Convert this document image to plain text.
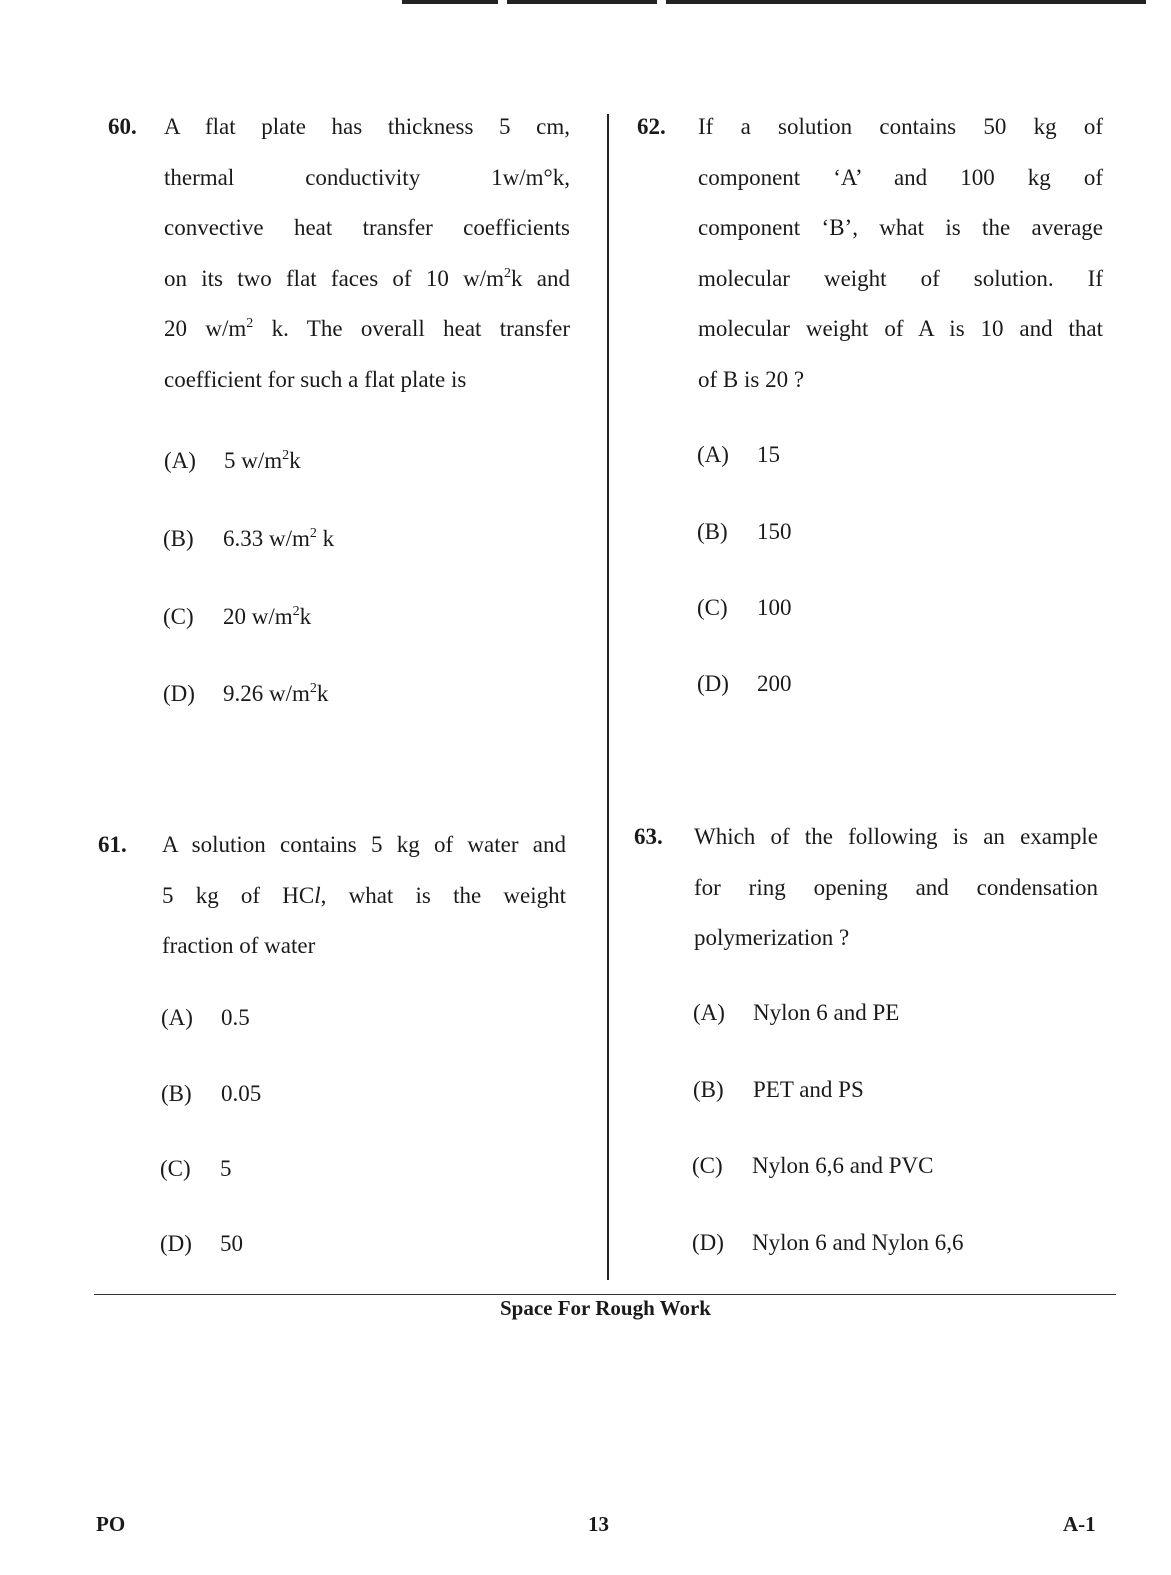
60. A flat plate has thickness 5 cm,
thermal conductivity 1w/m°k,
convective heat transfer coefficients
on its two flat faces of 10 $w/m^2k$ and
20 $w/m^2$ k. The overall heat transfer
coefficient for such a flat plate is
(A) 5 $w/m^2k$
(B) 6.33 $w/m^2$ k
(C) 20 $w/m^2k$
(D) 9.26 $w/m^2k$
61. A solution contains 5 kg of water and
5 kg of HCl, what is the weight
fraction of water
(A) 0.5
(B) 0.05
(C) 5
(D) 50
62. If a solution contains 50 kg of
component ‘A’ and 100 kg of
component ‘B’, what is the average
molecular weight of solution. If
molecular weight of A is 10 and that
of B is 20 ?
(A) 15
(B) 150
(C) 100
(D) 200
63. Which of the following is an example
for ring opening and condensation
polymerization ?
(A) Nylon 6 and PE
(B) PET and PS
(C) Nylon 6,6 and PVC
(D) Nylon 6 and Nylon 6,6
Space For Rough Work
PO	13	A-1
